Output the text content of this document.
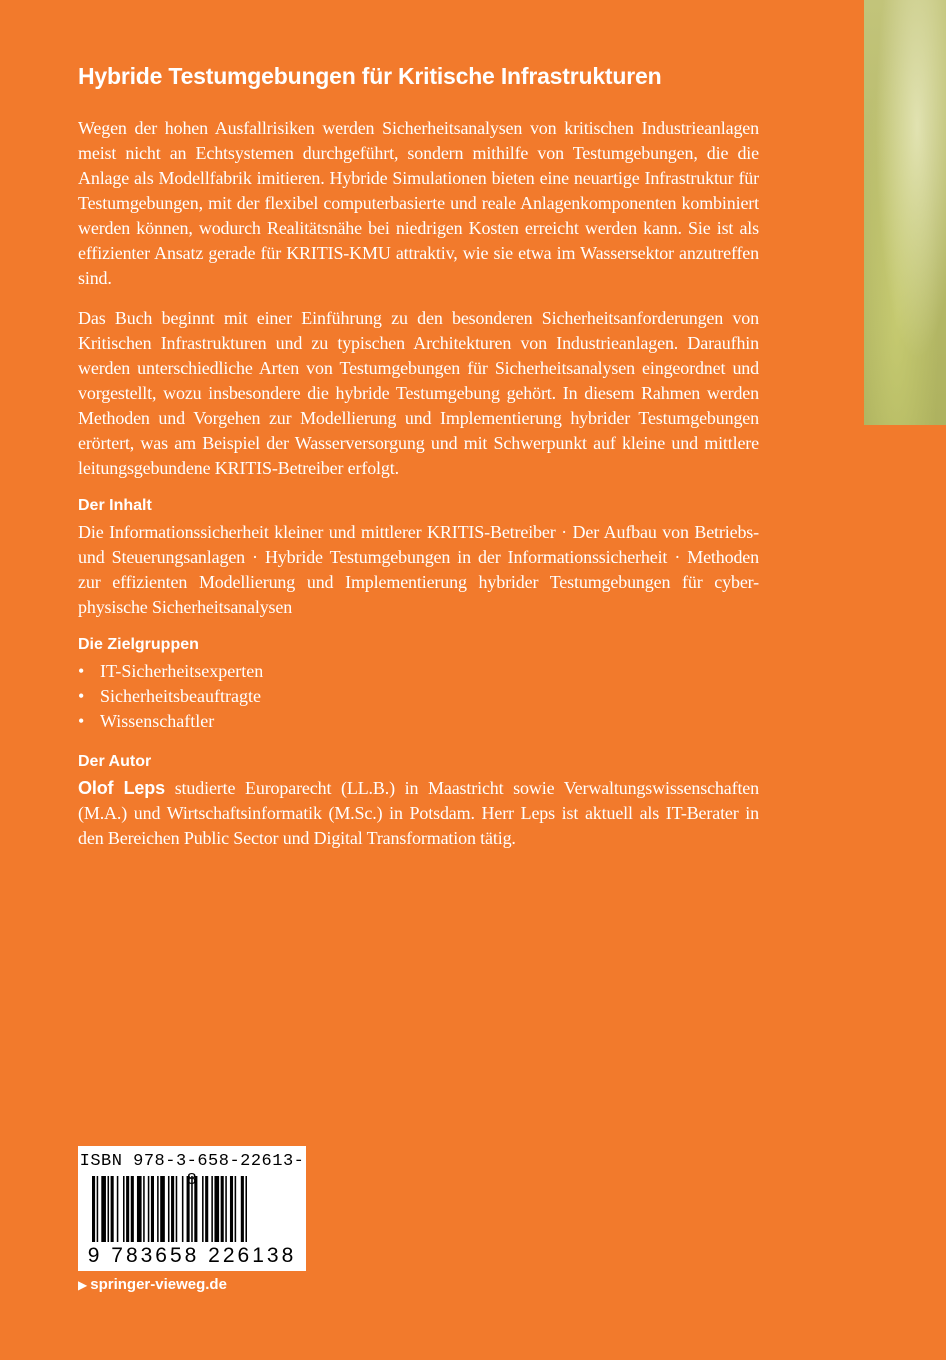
Hybride Testumgebungen für Kritische Infrastrukturen

Wegen der hohen Ausfallrisiken werden Sicherheitsanalysen von kritischen Industrieanlagen meist nicht an Echtsystemen durchgeführt, sondern mithilfe von Testumgebungen, die die Anlage als Modellfabrik imitieren. Hybride Simulationen bieten eine neuartige Infrastruktur für Testumgebungen, mit der flexibel computerbasierte und reale Anlagenkomponenten kombiniert werden können, wodurch Realitätsnähe bei niedrigen Kosten erreicht werden kann. Sie ist als effizienter Ansatz gerade für KRITIS-KMU attraktiv, wie sie etwa im Wassersektor anzutreffen sind.

Das Buch beginnt mit einer Einführung zu den besonderen Sicherheitsanforderungen von Kritischen Infrastrukturen und zu typischen Architekturen von Industrieanlagen. Daraufhin werden unterschiedliche Arten von Testumgebungen für Sicherheitsanalysen eingeordnet und vorgestellt, wozu insbesondere die hybride Testumgebung gehört. In diesem Rahmen werden Methoden und Vorgehen zur Modellierung und Implementierung hybrider Testumgebungen erörtert, was am Beispiel der Wasserversorgung und mit Schwerpunkt auf kleine und mittlere leitungsgebundene KRITIS-Betreiber erfolgt.

Der Inhalt

Die Informationssicherheit kleiner und mittlerer KRITIS-Betreiber · Der Aufbau von Betriebs- und Steuerungsanlagen · Hybride Testumgebungen in der Informationssicherheit · Methoden zur effizienten Modellierung und Implementierung hybrider Testumgebungen für cyber-physische Sicherheitsanalysen

Die Zielgruppen
• IT-Sicherheitsexperten
• Sicherheitsbeauftragte
• Wissenschaftler
Der Autor

Olof Leps studierte Europarecht (LL.B.) in Maastricht sowie Verwaltungswissenschaften (M.A.) und Wirtschaftsinformatik (M.Sc.) in Potsdam. Herr Leps ist aktuell als IT-Berater in den Bereichen Public Sector und Digital Transformation tätig.

ISBN 978-3-658-22613-8
9 783658 226138
▶ springer-vieweg.de
